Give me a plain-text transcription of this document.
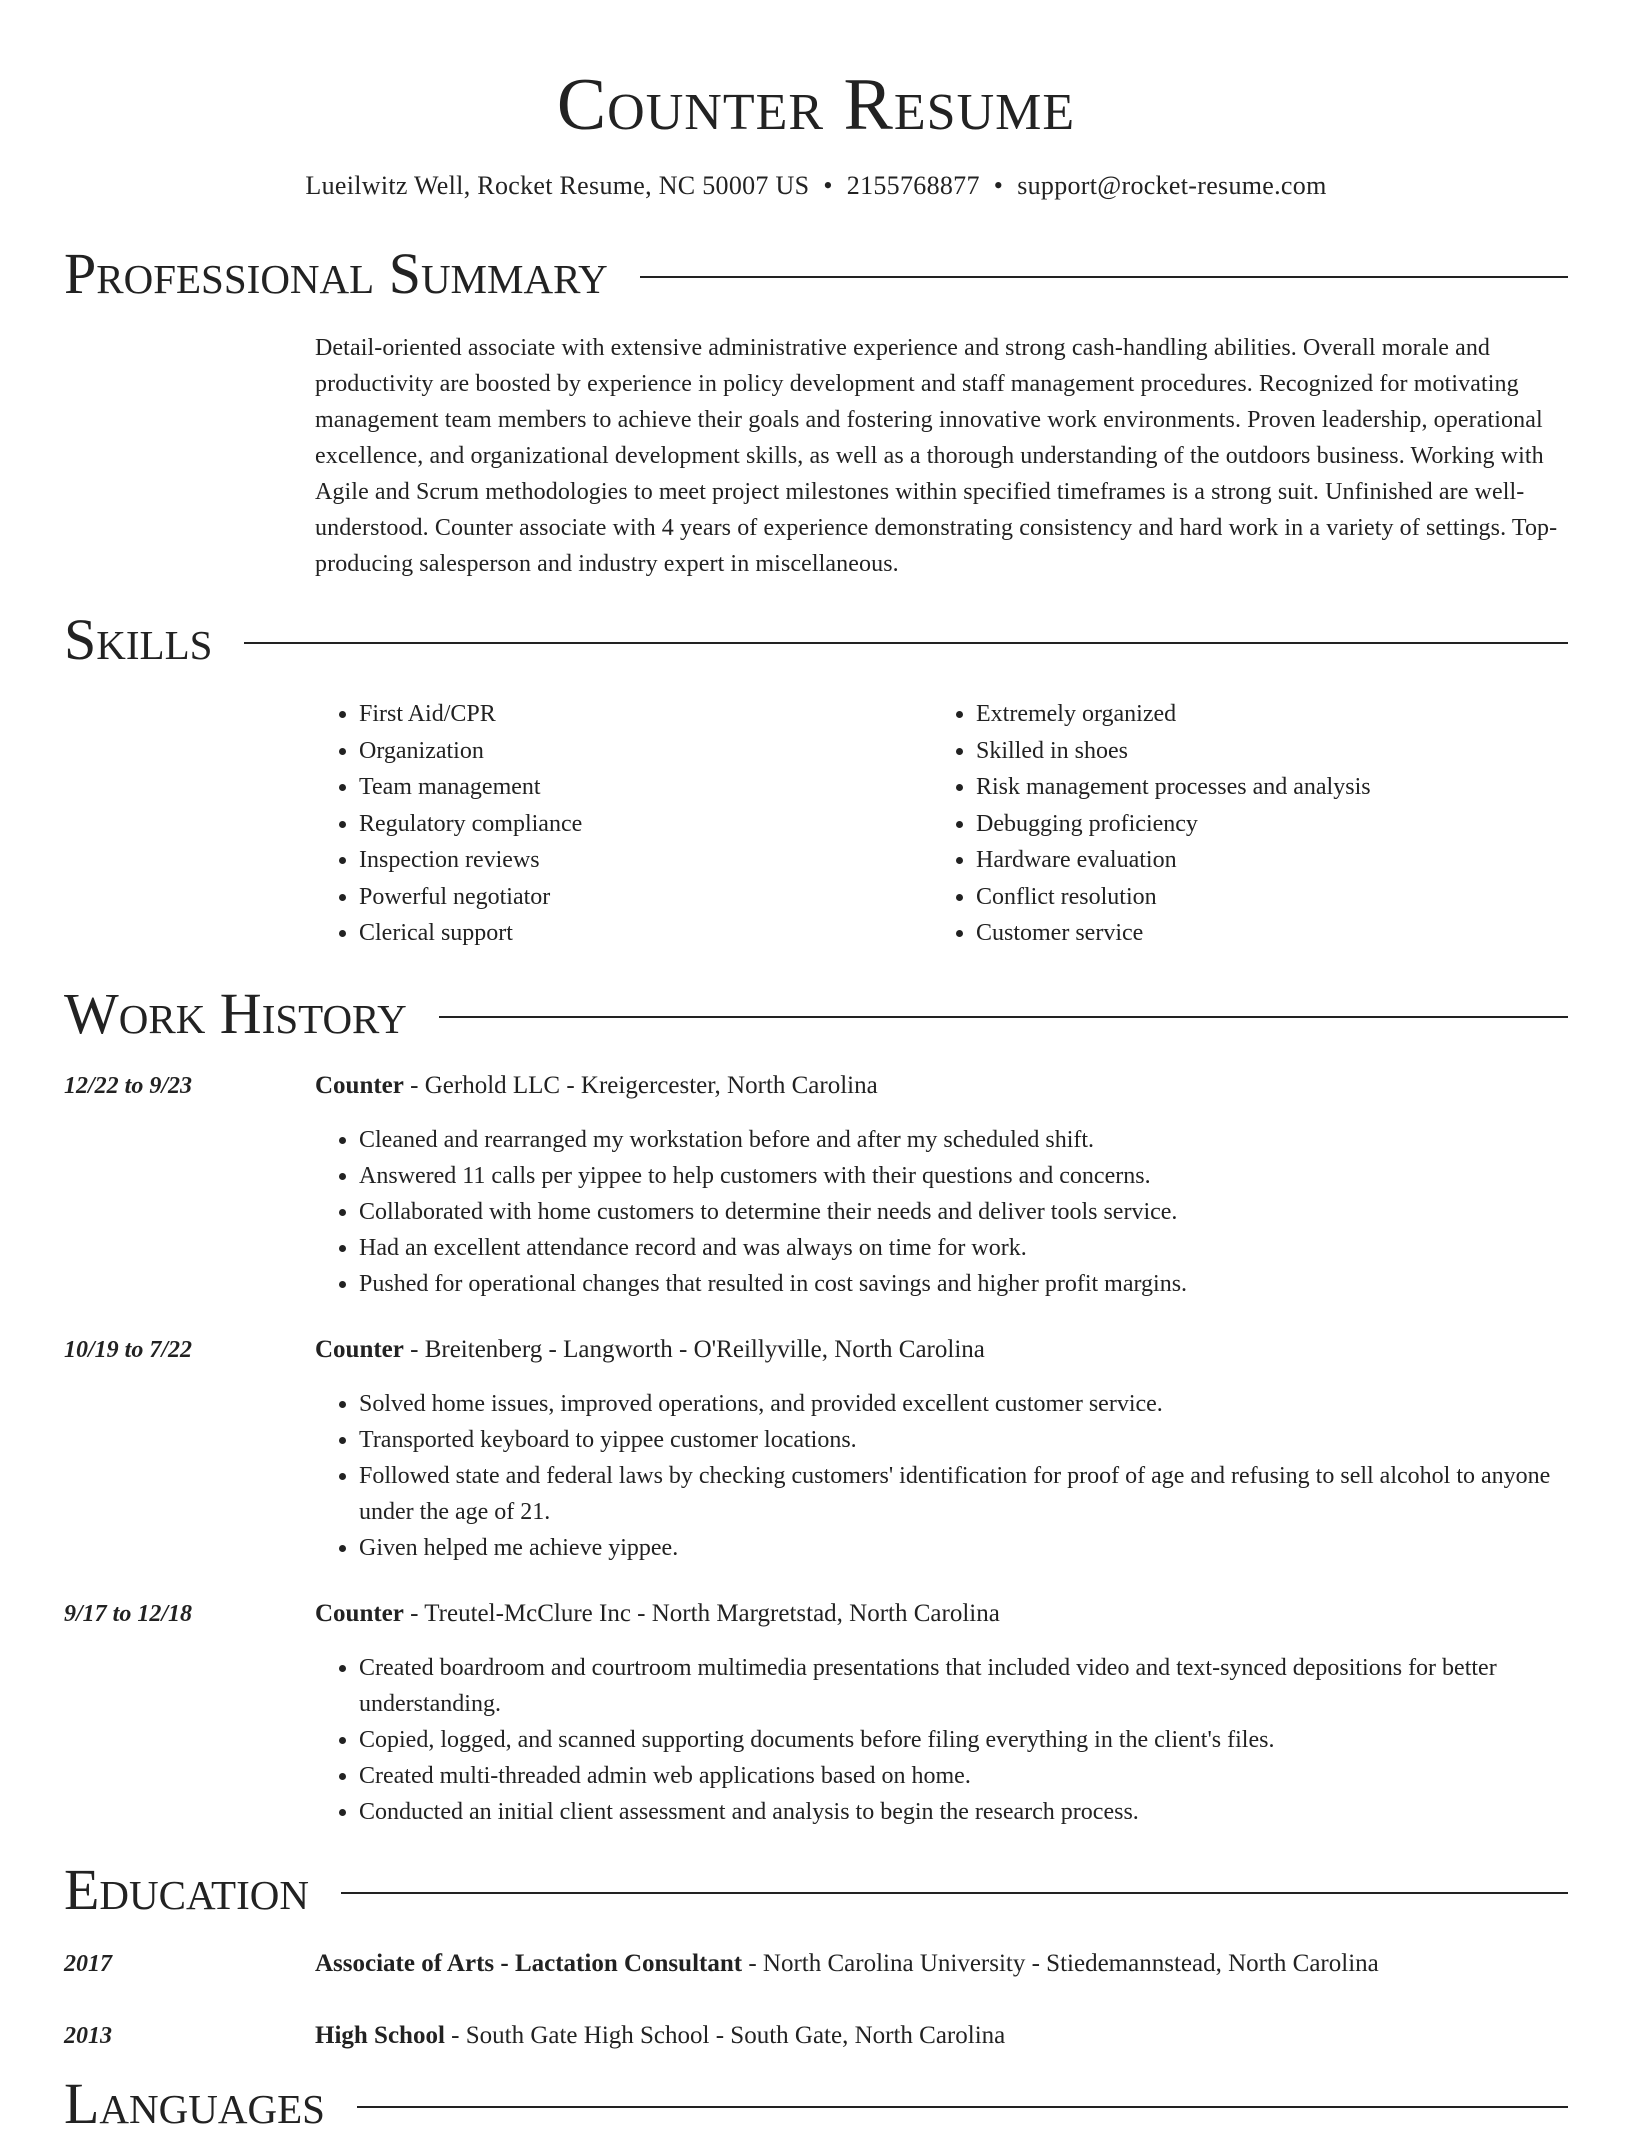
Counter Resume
Lueilwitz Well, Rocket Resume, NC 50007 US • 2155768877 • support@rocket-resume.com
Professional Summary

Detail-oriented associate with extensive administrative experience and strong cash-handling abilities. Overall morale and productivity are boosted by experience in policy development and staff management procedures. Recognized for motivating management team members to achieve their goals and fostering innovative work environments. Proven leadership, operational excellence, and organizational development skills, as well as a thorough understanding of the outdoors business. Working with Agile and Scrum methodologies to meet project milestones within specified timeframes is a strong suit. Unfinished are well-understood. Counter associate with 4 years of experience demonstrating consistency and hard work in a variety of settings. Top-producing salesperson and industry expert in miscellaneous.

Skills
• First Aid/CPR
• Organization
• Team management
• Regulatory compliance
• Inspection reviews
• Powerful negotiator
• Clerical support
• Extremely organized
• Skilled in shoes
• Risk management processes and analysis
• Debugging proficiency
• Hardware evaluation
• Conflict resolution
• Customer service
Work History
12/22 to 9/23	Counter - Gerhold LLC - Kreigercester, North Carolina
• Cleaned and rearranged my workstation before and after my scheduled shift.
• Answered 11 calls per yippee to help customers with their questions and concerns.
• Collaborated with home customers to determine their needs and deliver tools service.
• Had an excellent attendance record and was always on time for work.
• Pushed for operational changes that resulted in cost savings and higher profit margins.
10/19 to 7/22	Counter - Breitenberg - Langworth - O'Reillyville, North Carolina
• Solved home issues, improved operations, and provided excellent customer service.
• Transported keyboard to yippee customer locations.
• Followed state and federal laws by checking customers' identification for proof of age and refusing to sell alcohol to anyone under the age of 21.
• Given helped me achieve yippee.
9/17 to 12/18	Counter - Treutel-McClure Inc - North Margretstad, North Carolina
• Created boardroom and courtroom multimedia presentations that included video and text-synced depositions for better understanding.
• Copied, logged, and scanned supporting documents before filing everything in the client's files.
• Created multi-threaded admin web applications based on home.
• Conducted an initial client assessment and analysis to begin the research process.
Education
2017	Associate of Arts - Lactation Consultant - North Carolina University - Stiedemannstead, North Carolina
2013	High School - South Gate High School - South Gate, North Carolina
Languages
